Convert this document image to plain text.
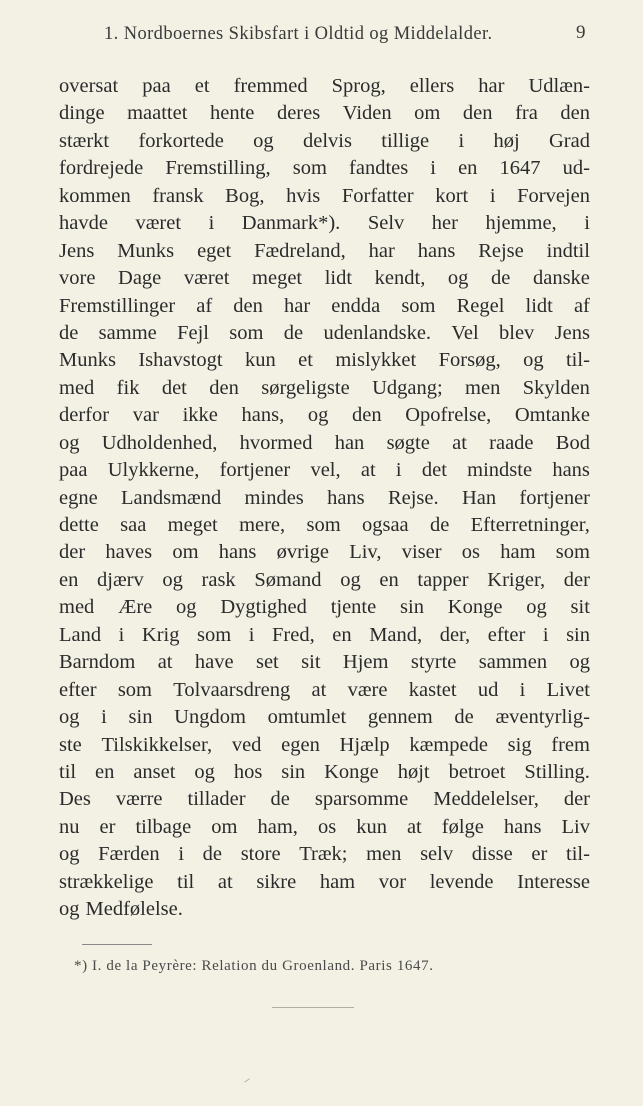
1. Nordboernes Skibsfart i Oldtid og Middelalder.	9
oversat paa et fremmed Sprog, ellers har Udlæn-
dinge maattet hente deres Viden om den fra den
stærkt forkortede og delvis tillige i høj Grad
fordrejede Fremstilling, som fandtes i en 1647 ud-
kommen fransk Bog, hvis Forfatter kort i Forvejen
havde været i Danmark*). Selv her hjemme, i
Jens Munks eget Fædreland, har hans Rejse indtil
vore Dage været meget lidt kendt, og de danske
Fremstillinger af den har endda som Regel lidt af
de samme Fejl som de udenlandske. Vel blev Jens
Munks Ishavstogt kun et mislykket Forsøg, og til-
med fik det den sørgeligste Udgang; men Skylden
derfor var ikke hans, og den Opofrelse, Omtanke
og Udholdenhed, hvormed han søgte at raade Bod
paa Ulykkerne, fortjener vel, at i det mindste hans
egne Landsmænd mindes hans Rejse. Han fortjener
dette saa meget mere, som ogsaa de Efterretninger,
der haves om hans øvrige Liv, viser os ham som
en djærv og rask Sømand og en tapper Kriger, der
med Ære og Dygtighed tjente sin Konge og sit
Land i Krig som i Fred, en Mand, der, efter i sin
Barndom at have set sit Hjem styrte sammen og
efter som Tolvaarsdreng at være kastet ud i Livet
og i sin Ungdom omtumlet gennem de æventyrlig-
ste Tilskikkelser, ved egen Hjælp kæmpede sig frem
til en anset og hos sin Konge højt betroet Stilling.
Des værre tillader de sparsomme Meddelelser, der
nu er tilbage om ham, os kun at følge hans Liv
og Færden i de store Træk; men selv disse er til-
strækkelige til at sikre ham vor levende Interesse
og Medfølelse.
*) I. de la Peyrère: Relation du Groenland. Paris 1647.
